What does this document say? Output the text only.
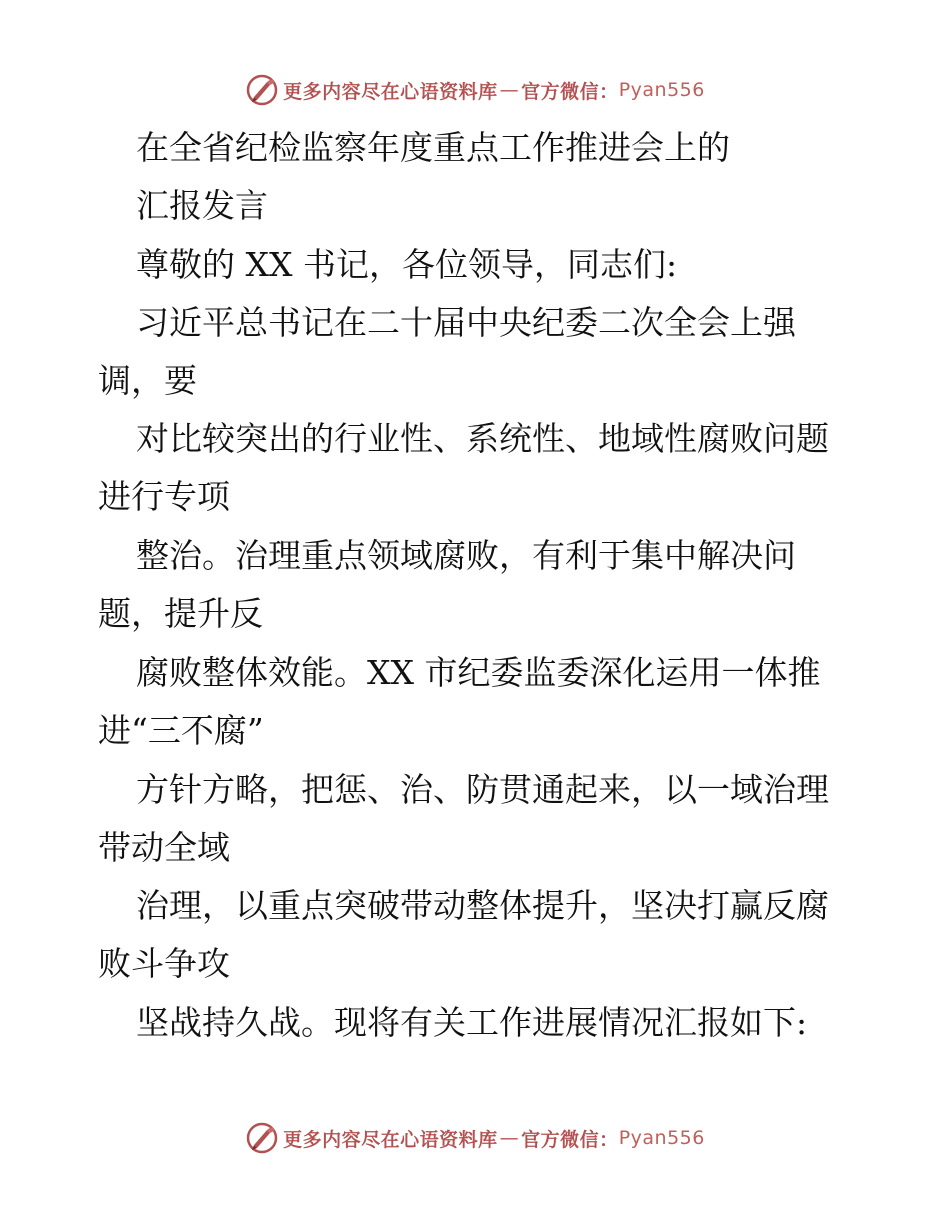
更多内容尽在心语资料库 — 官方微信： Pyan556
在全省纪检监察年度重点工作推进会上的
汇报发言
尊敬的 XX 书记，各位领导，同志们:
习近平总书记在二十届中央纪委二次全会上强
调，要
对比较突出的行业性、系统性、地域性腐败问题
进行专项
整治。治理重点领域腐败，有利于集中解决问
题，提升反
腐败整体效能。XX 市纪委监委深化运用一体推
进“三不腐”
方针方略，把惩、治、防贯通起来，以一域治理
带动全域
治理，以重点突破带动整体提升，坚决打赢反腐
败斗争攻
坚战持久战。现将有关工作进展情况汇报如下:
更多内容尽在心语资料库 — 官方微信： Pyan556
